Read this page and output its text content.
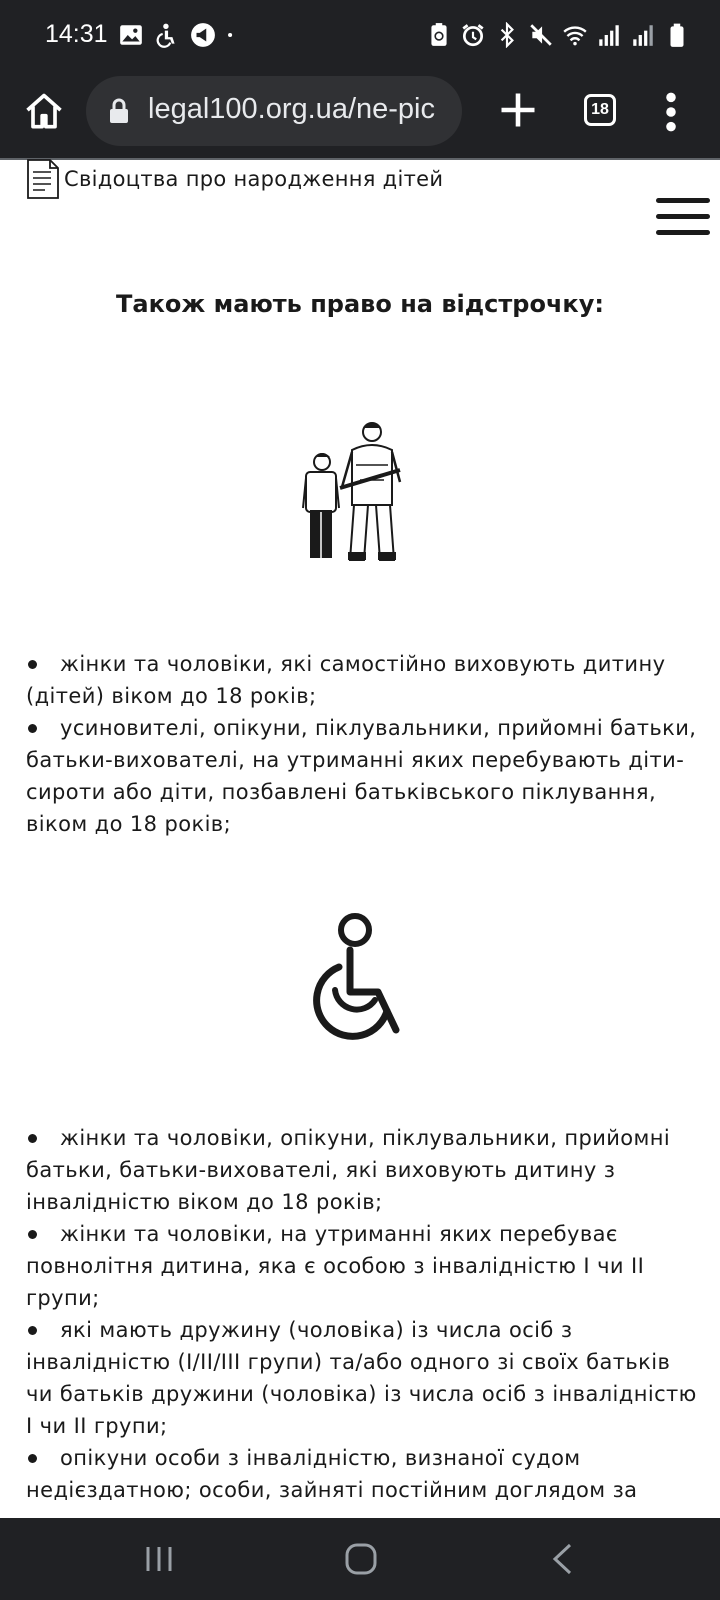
14:31
legal100.org.ua/ne-pic	18
Свідоцтва про народження дітей
Також мають право на відстрочку:
жінки та чоловіки, які самостійно виховують дитину (дітей) віком до 18 років;
усиновителі, опікуни, піклувальники, прийомні батьки, батьки-вихователі, на утриманні яких перебувають діти-сироти або діти, позбавлені батьківського піклування, віком до 18 років;
жінки та чоловіки, опікуни, піклувальники, прийомні батьки, батьки-вихователі, які виховують дитину з інвалідністю віком до 18 років;
жінки та чоловіки, на утриманні яких перебуває повнолітня дитина, яка є особою з інвалідністю I чи II групи;
які мають дружину (чоловіка) із числа осіб з інвалідністю (I/II/III групи) та/або одного зі своїх батьків чи батьків дружини (чоловіка) із числа осіб з інвалідністю I чи II групи;
опікуни особи з інвалідністю, визнаної судом недієздатною; особи, зайняті постійним доглядом за
